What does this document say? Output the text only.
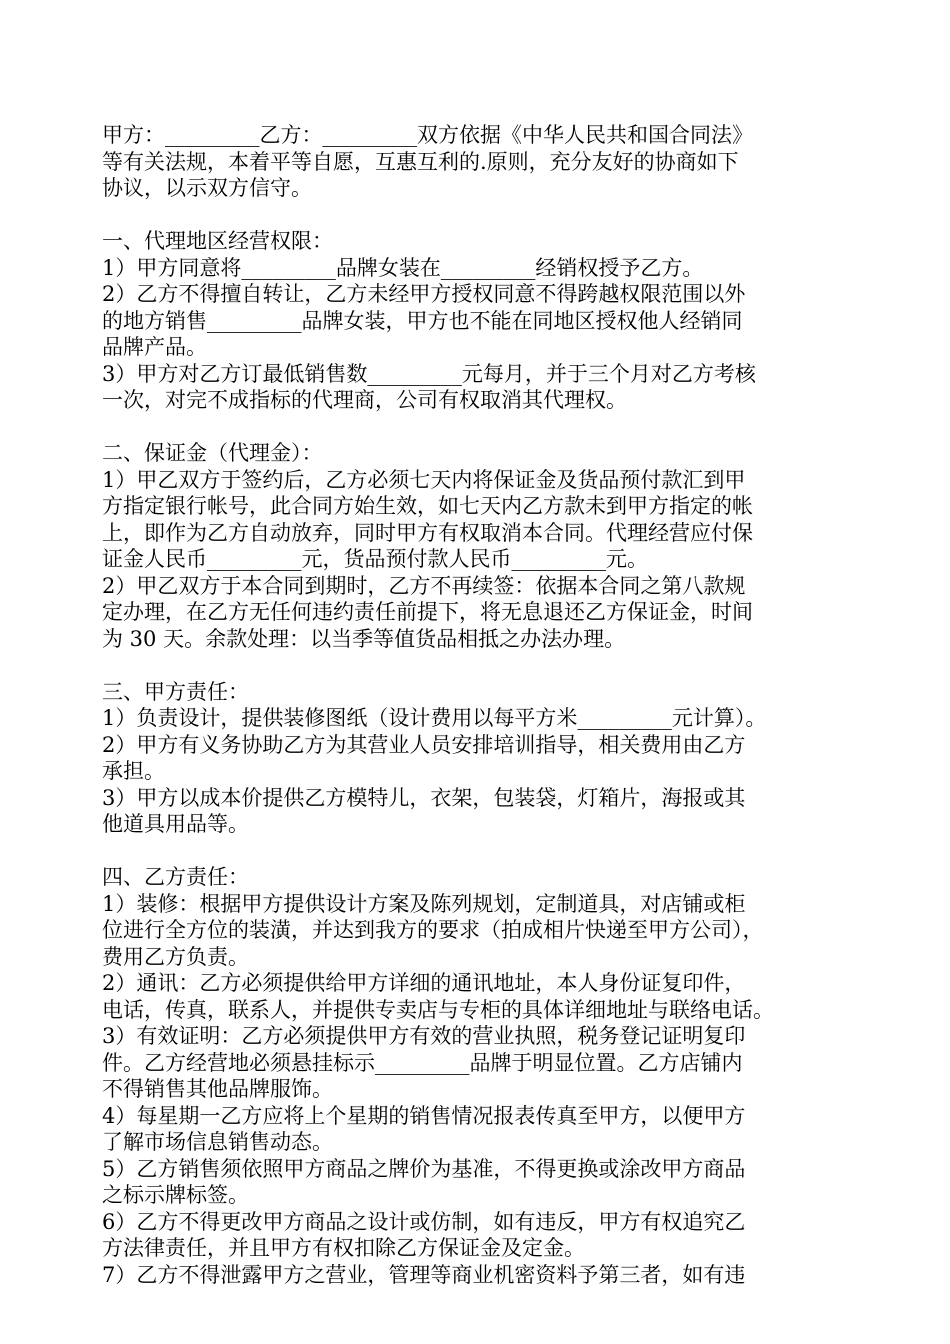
甲方：_________乙方：_________双方依据《中华人民共和国合同法》
等有关法规，本着平等自愿，互惠互利的.原则，充分友好的协商如下
协议，以示双方信守。
一、代理地区经营权限：
1）甲方同意将_________品牌女装在_________经销权授予乙方。
2）乙方不得擅自转让，乙方未经甲方授权同意不得跨越权限范围以外
的地方销售_________品牌女装，甲方也不能在同地区授权他人经销同
品牌产品。
3）甲方对乙方订最低销售数_________元每月，并于三个月对乙方考核
一次，对完不成指标的代理商，公司有权取消其代理权。
二、保证金（代理金）：
1）甲乙双方于签约后，乙方必须七天内将保证金及货品预付款汇到甲
方指定银行帐号，此合同方始生效，如七天内乙方款未到甲方指定的帐
上，即作为乙方自动放弃，同时甲方有权取消本合同。代理经营应付保
证金人民币_________元，货品预付款人民币_________元。
2）甲乙双方于本合同到期时，乙方不再续签：依据本合同之第八款规
定办理，在乙方无任何违约责任前提下，将无息退还乙方保证金，时间
为 30 天。余款处理：以当季等值货品相抵之办法办理。
三、甲方责任：
1）负责设计，提供装修图纸（设计费用以每平方米_________元计算）。
2）甲方有义务协助乙方为其营业人员安排培训指导，相关费用由乙方
承担。
3）甲方以成本价提供乙方模特儿，衣架，包装袋，灯箱片，海报或其
他道具用品等。
四、乙方责任：
1）装修：根据甲方提供设计方案及陈列规划，定制道具，对店铺或柜
位进行全方位的装潢，并达到我方的要求（拍成相片快递至甲方公司），
费用乙方负责。
2）通讯：乙方必须提供给甲方详细的通讯地址，本人身份证复印件，
电话，传真，联系人，并提供专卖店与专柜的具体详细地址与联络电话。
3）有效证明：乙方必须提供甲方有效的营业执照，税务登记证明复印
件。乙方经营地必须悬挂标示_________品牌于明显位置。乙方店铺内
不得销售其他品牌服饰。
4）每星期一乙方应将上个星期的销售情况报表传真至甲方，以便甲方
了解市场信息销售动态。
5）乙方销售须依照甲方商品之牌价为基准，不得更换或涂改甲方商品
之标示牌标签。
6）乙方不得更改甲方商品之设计或仿制，如有违反，甲方有权追究乙
方法律责任，并且甲方有权扣除乙方保证金及定金。
7）乙方不得泄露甲方之营业，管理等商业机密资料予第三者，如有违
